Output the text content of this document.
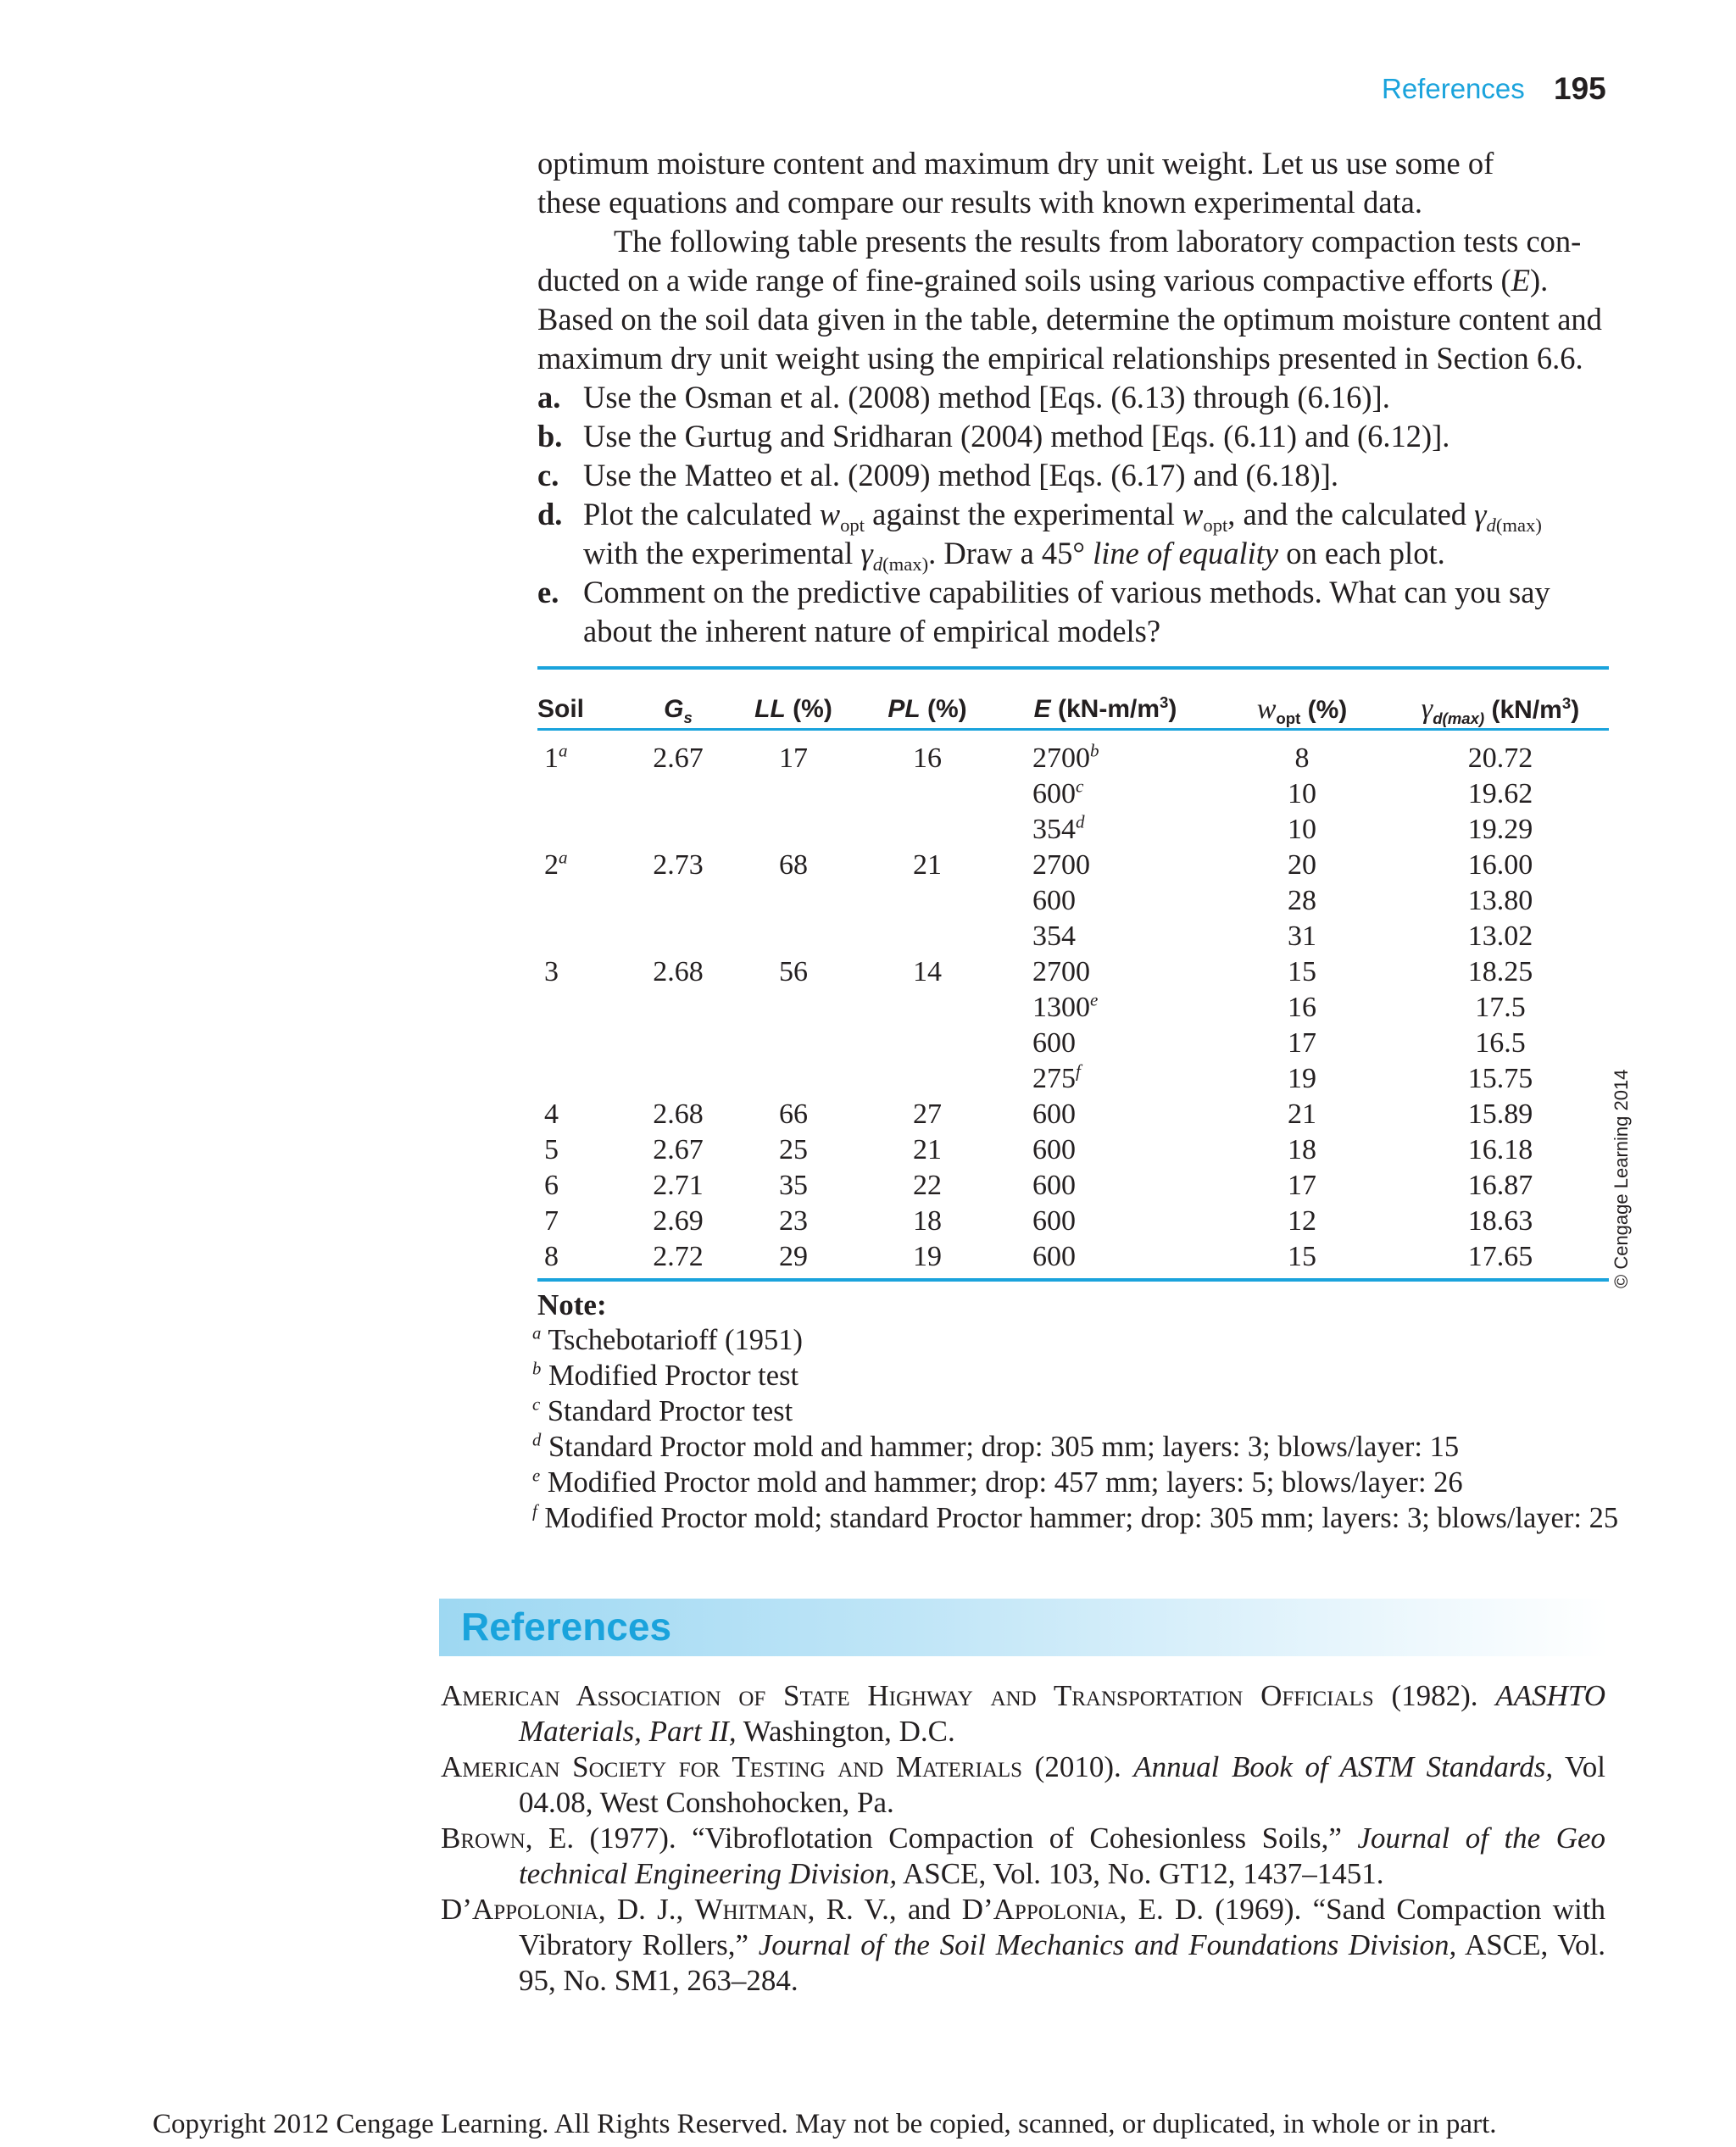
References 195
optimum moisture content and maximum dry unit weight. Let us use some of
these equations and compare our results with known experimental data.
The following table presents the results from laboratory compaction tests con-
ducted on a wide range of fine-grained soils using various compactive efforts (E).
Based on the soil data given in the table, determine the optimum moisture content and
maximum dry unit weight using the empirical relationships presented in Section 6.6.
a. Use the Osman et al. (2008) method [Eqs. (6.13) through (6.16)].
b. Use the Gurtug and Sridharan (2004) method [Eqs. (6.11) and (6.12)].
c. Use the Matteo et al. (2009) method [Eqs. (6.17) and (6.18)].
d. Plot the calculated $w_{opt}$ against the experimental $w_{opt}$, and the calculated $\gamma_{d(max)}$
with the experimental $\gamma_{d(max)}$. Draw a 45° line of equality on each plot.
e. Comment on the predictive capabilities of various methods. What can you say
about the inherent nature of empirical models?
Soil	$G_s$	LL (%)	PL (%)	E $(kN-m/m^3)$	$w_{opt}$ (%)	$\gamma_{d(max)}$ $(kN/m^3)$

1$^a$	2.67	17	16	2700$^b$	8	20.72
				600$^c$	10	19.62
				354$^d$	10	19.29
2$^a$	2.73	68	21	2700	20	16.00
				600	28	13.80
				354	31	13.02
3	2.68	56	14	2700	15	18.25
				1300e	16	17.5
				600	17	16.5
				275$^f$	19	15.75
4	2.68	66	27	600	21	15.89
5	2.67	25	21	600	18	16.18
6	2.71	35	22	600	17	16.87
7	2.69	23	18	600	12	18.63
8	2.72	29	19	600	15	17.65
Note:
$^a$ Tschebotarioff (1951)
$^b$ Modified Proctor test
$^c$ Standard Proctor test
$^d$ Standard Proctor mold and hammer; drop: 305 mm; layers: 3; blows/layer: 15
$^e$ Modified Proctor mold and hammer; drop: 457 mm; layers: 5; blows/layer: 26
$^f$ Modified Proctor mold; standard Proctor hammer; drop: 305 mm; layers: 3; blows/layer: 25
© Cengage Learning 2014
References
American Association of State Highway and Transportation Officials (1982). AASHTO Materials, Part II, Washington, D.C.
American Society for Testing and Materials (2010). Annual Book of ASTM Standards, Vol 04.08, West Conshohocken, Pa.
Brown, E. (1977). “Vibroflotation Compaction of Cohesionless Soils,” Journal of the Geo technical Engineering Division, ASCE, Vol. 103, No. GT12, 1437–1451.
D’Appolonia, D. J., Whitman, R. V., and D’Appolonia, E. D. (1969). “Sand Compaction with Vibratory Rollers,” Journal of the Soil Mechanics and Foundations Division, ASCE, Vol. 95, No. SM1, 263–284.
Copyright 2012 Cengage Learning. All Rights Reserved. May not be copied, scanned, or duplicated, in whole or in part.
